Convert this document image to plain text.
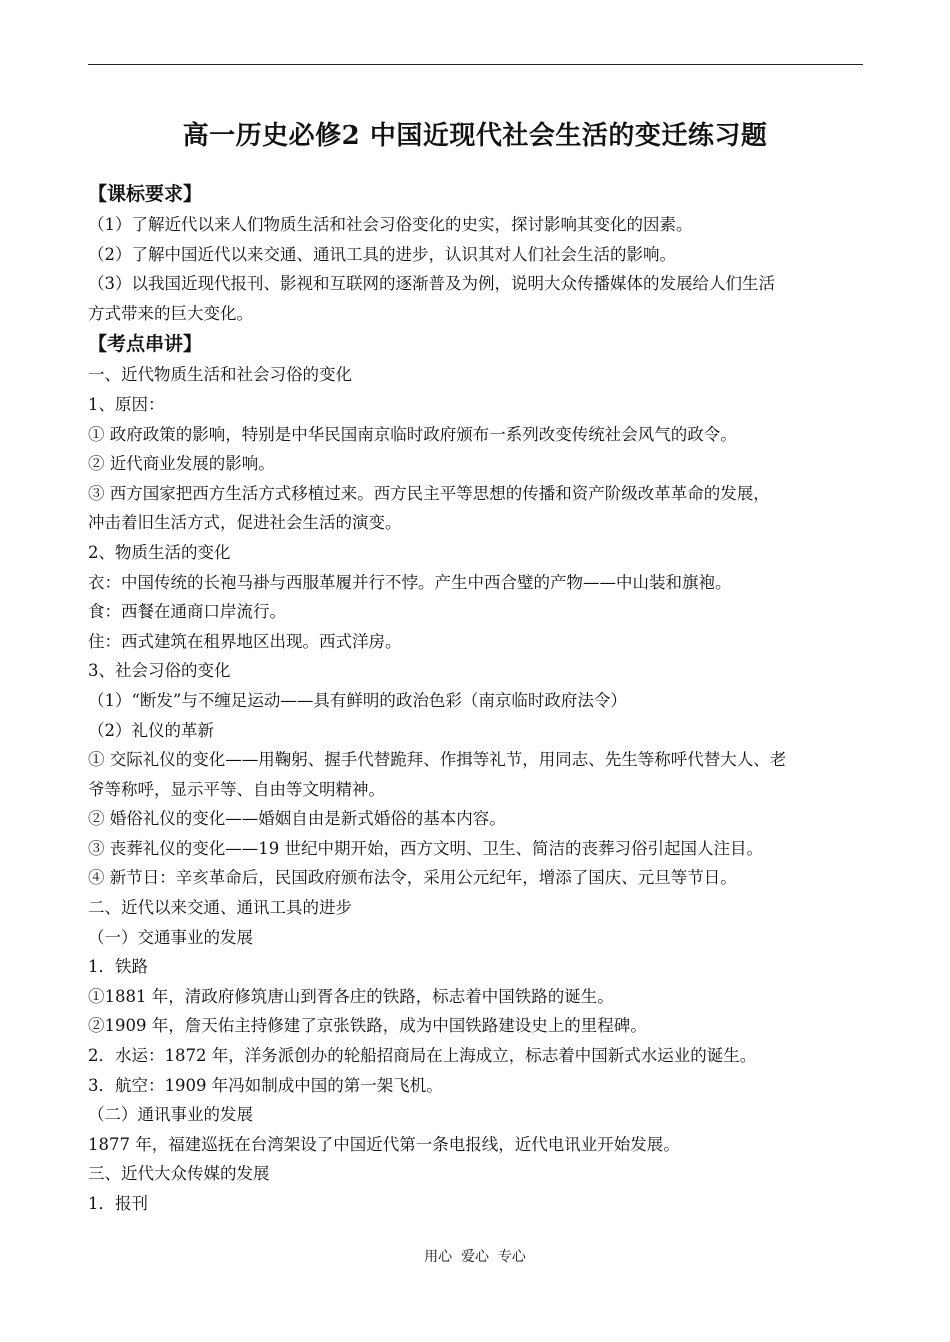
高一历史必修2 中国近现代社会生活的变迁练习题
【课标要求】
（1）了解近代以来人们物质生活和社会习俗变化的史实，探讨影响其变化的因素。
（2）了解中国近代以来交通、通讯工具的进步，认识其对人们社会生活的影响。
（3）以我国近现代报刊、影视和互联网的逐渐普及为例，说明大众传播媒体的发展给人们生活
方式带来的巨大变化。
【考点串讲】
一、近代物质生活和社会习俗的变化
1、原因：
① 政府政策的影响，特别是中华民国南京临时政府颁布一系列改变传统社会风气的政令。
② 近代商业发展的影响。
③ 西方国家把西方生活方式移植过来。西方民主平等思想的传播和资产阶级改革革命的发展，
冲击着旧生活方式，促进社会生活的演变。
2、物质生活的变化
衣：中国传统的长袍马褂与西服革履并行不悖。产生中西合璧的产物——中山装和旗袍。
食：西餐在通商口岸流行。
住：西式建筑在租界地区出现。西式洋房。
3、社会习俗的变化
（1）“断发”与不缠足运动——具有鲜明的政治色彩（南京临时政府法令）
（2）礼仪的革新
① 交际礼仪的变化——用鞠躬、握手代替跪拜、作揖等礼节，用同志、先生等称呼代替大人、老
爷等称呼，显示平等、自由等文明精神。
② 婚俗礼仪的变化——婚姻自由是新式婚俗的基本内容。
③ 丧葬礼仪的变化——19 世纪中期开始，西方文明、卫生、简洁的丧葬习俗引起国人注目。
④ 新节日：辛亥革命后，民国政府颁布法令，采用公元纪年，增添了国庆、元旦等节日。
二、近代以来交通、通讯工具的进步
（一）交通事业的发展
1．铁路
①1881 年，清政府修筑唐山到胥各庄的铁路，标志着中国铁路的诞生。
②1909 年，詹天佑主持修建了京张铁路，成为中国铁路建设史上的里程碑。
2．水运：1872 年，洋务派创办的轮船招商局在上海成立，标志着中国新式水运业的诞生。
3．航空：1909 年冯如制成中国的第一架飞机。
（二）通讯事业的发展
1877 年，福建巡抚在台湾架设了中国近代第一条电报线，近代电讯业开始发展。
三、近代大众传媒的发展
1．报刊
用心  爱心  专心
